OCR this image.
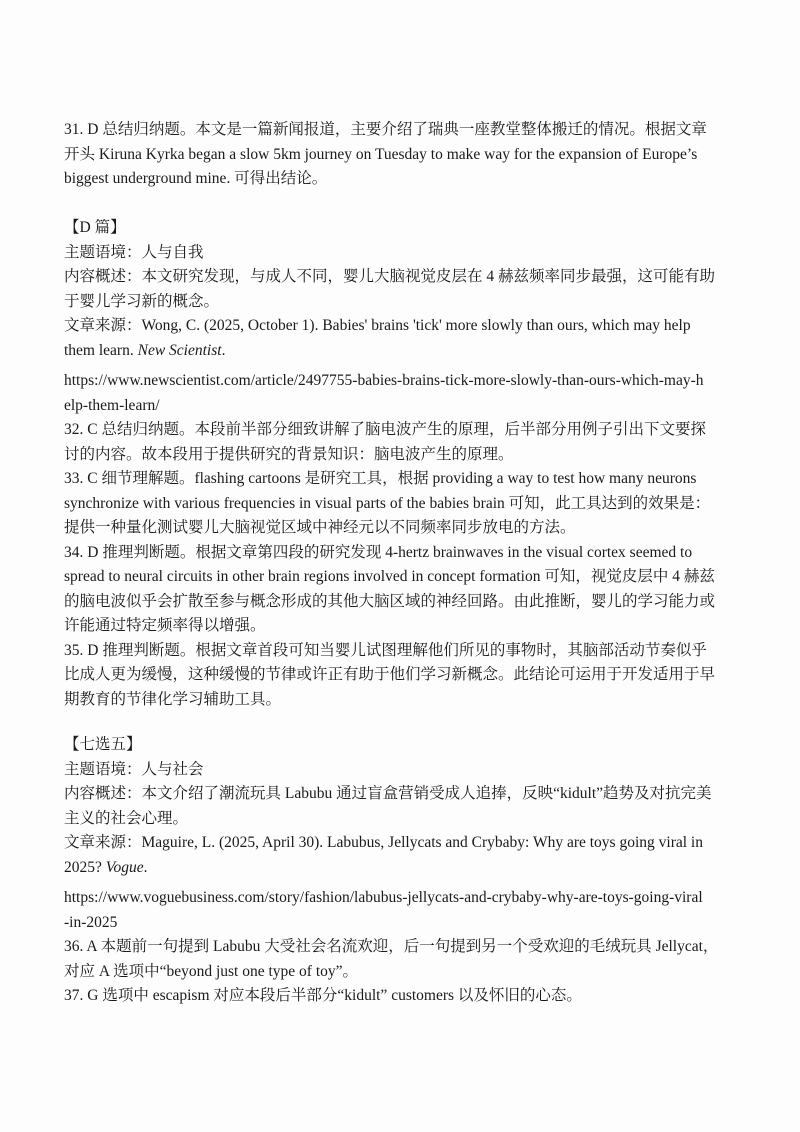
31. D 总结归纳题。本文是一篇新闻报道，主要介绍了瑞典一座教堂整体搬迁的情况。根据文章

开头 Kiruna Kyrka began a slow 5km journey on Tuesday to make way for the expansion of Europe’s

biggest underground mine. 可得出结论。

【D 篇】

主题语境：人与自我

内容概述：本文研究发现，与成人不同，婴儿大脑视觉皮层在 4 赫兹频率同步最强，这可能有助

于婴儿学习新的概念。

文章来源：Wong, C. (2025, October 1). Babies' brains 'tick' more slowly than ours, which may help

them learn. New Scientist.

https://www.newscientist.com/article/2497755-babies-brains-tick-more-slowly-than-ours-which-may-h

elp-them-learn/

32. C 总结归纳题。本段前半部分细致讲解了脑电波产生的原理，后半部分用例子引出下文要探

讨的内容。故本段用于提供研究的背景知识：脑电波产生的原理。

33. C 细节理解题。flashing cartoons 是研究工具，根据 providing a way to test how many neurons

synchronize with various frequencies in visual parts of the babies brain 可知，此工具达到的效果是：

提供一种量化测试婴儿大脑视觉区域中神经元以不同频率同步放电的方法。

34. D 推理判断题。根据文章第四段的研究发现 4-hertz brainwaves in the visual cortex seemed to

spread to neural circuits in other brain regions involved in concept formation 可知，视觉皮层中 4 赫兹

的脑电波似乎会扩散至参与概念形成的其他大脑区域的神经回路。由此推断，婴儿的学习能力或

许能通过特定频率得以增强。

35. D 推理判断题。根据文章首段可知当婴儿试图理解他们所见的事物时，其脑部活动节奏似乎

比成人更为缓慢，这种缓慢的节律或许正有助于他们学习新概念。此结论可运用于开发适用于早

期教育的节律化学习辅助工具。

【七选五】

主题语境：人与社会

内容概述：本文介绍了潮流玩具 Labubu 通过盲盒营销受成人追捧，反映“kidult”趋势及对抗完美

主义的社会心理。

文章来源：Maguire, L. (2025, April 30). Labubus, Jellycats and Crybaby: Why are toys going viral in

2025? Vogue.

https://www.voguebusiness.com/story/fashion/labubus-jellycats-and-crybaby-why-are-toys-going-viral

-in-2025

36. A 本题前一句提到 Labubu 大受社会名流欢迎，后一句提到另一个受欢迎的毛绒玩具 Jellycat，

对应 A 选项中“beyond just one type of toy”。

37. G 选项中 escapism 对应本段后半部分“kidult” customers 以及怀旧的心态。
